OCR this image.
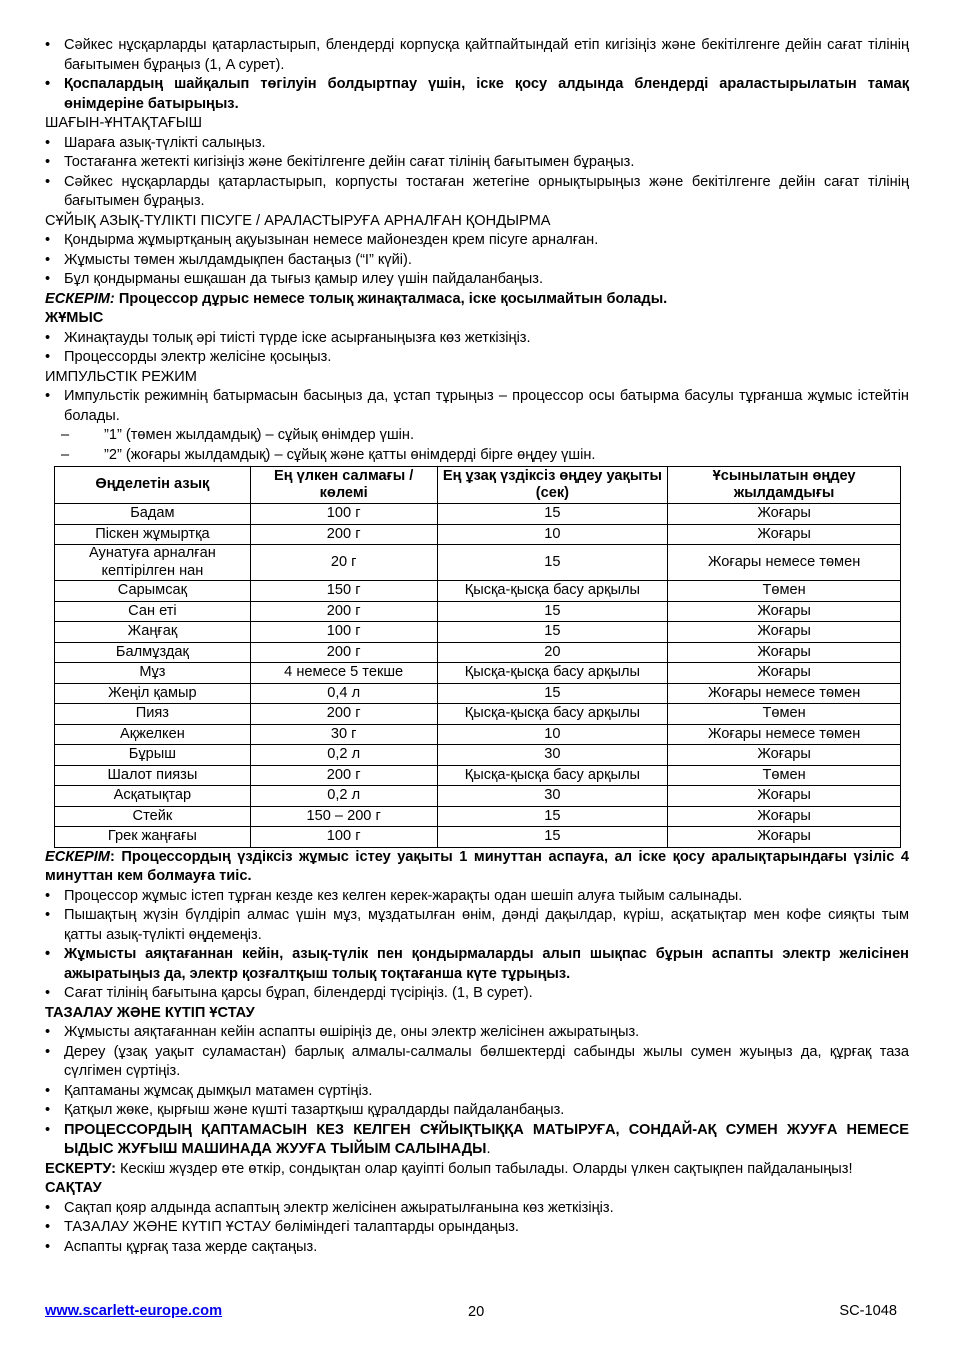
• Сәйкес нұсқарларды қатарластырып, блендерді корпусқа қайтпайтындай етіп кигізіңіз және бекітілгенге дейін сағат тілінің бағытымен бұраңыз (1, A сурет).
• Қоспалардың шайқалып төгілуін болдыртпау үшін, іске қосу алдында блендерді араластырылатын тамақ өнімдеріне батырыңыз.
ШАҒЫН-ҰНТАҚТАҒЫШ
• Шараға азық-түлікті салыңыз.
• Тостағанға жетекті кигізіңіз және бекітілгенге дейін сағат тілінің бағытымен бұраңыз.
• Сәйкес нұсқарларды қатарластырып, корпусты тостаған жетегіне орнықтырыңыз және бекітілгенге дейін сағат тілінің бағытымен бұраңыз.
СҰЙЫҚ АЗЫҚ-ТҮЛІКТІ ПІСУГЕ / АРАЛАСТЫРУҒА АРНАЛҒАН ҚОНДЫРМА
• Қондырма жұмыртқаның ақуызынан немесе майонезден крем пісуге арналған.
• Жұмысты төмен жылдамдықпен бастаңыз (“I” күйі).
• Бұл қондырманы ешқашан да тығыз қамыр илеу үшін пайдаланбаңыз.

ЕСКЕРІМ: Процессор дұрыс немесе толық жинақталмаса, іске қосылмайтын болады.

ЖҰМЫС
• Жинақтауды толық әрі тиісті түрде іске асырғаныңызға көз жеткізіңіз.
• Процессорды электр желісіне қосыңыз.
ИМПУЛЬСТІК РЕЖИМ
• Импульстік режимнің батырмасын басыңыз да, ұстап тұрыңыз – процессор осы батырма басулы тұрғанша жұмыс істейтін болады.
– ”1” (төмен жылдамдық) – сұйық өнімдер үшін.
– ”2” (жоғары жылдамдық) – сұйық және қатты өнімдерді бірге өңдеу үшін.
Өңделетін азық	Ең үлкен салмағы / көлемі	Ең ұзақ үздіксіз өңдеу уақыты (сек)	Ұсынылатын өңдеу жылдамдығы
Бадам	100 г	15	Жоғары
Піскен жұмыртқа	200 г	10	Жоғары
Аунатуға арналған кептірілген нан	20 г	15	Жоғары немесе төмен
Сарымсақ	150 г	Қысқа-қысқа басу арқылы	Төмен
Сан еті	200 г	15	Жоғары
Жаңғақ	100 г	15	Жоғары
Балмұздақ	200 г	20	Жоғары
Мұз	4 немесе 5 текше	Қысқа-қысқа басу арқылы	Жоғары
Жеңіл қамыр	0,4 л	15	Жоғары немесе төмен
Пияз	200 г	Қысқа-қысқа басу арқылы	Төмен
Ақжелкен	30 г	10	Жоғары немесе төмен
Бұрыш	0,2 л	30	Жоғары
Шалот пиязы	200 г	Қысқа-қысқа басу арқылы	Төмен
Асқатықтар	0,2 л	30	Жоғары
Стейк	150 – 200 г	15	Жоғары
Грек жаңғағы	100 г	15	Жоғары

ЕСКЕРІМ: Процессордың үздіксіз жұмыс істеу уақыты 1 минуттан аспауға, ал іске қосу аралықтарындағы үзіліс 4 минуттан кем болмауға тиіс.

• Процессор жұмыс істеп тұрған кезде кез келген керек-жарақты одан шешіп алуға тыйым салынады.
• Пышақтың жүзін бүлдіріп алмас үшін мұз, мұздатылған өнім, дәнді дақылдар, күріш, асқатықтар мен кофе сияқты тым қатты азық-түлікті өңдемеңіз.
• Жұмысты аяқтағаннан кейін, азық-түлік пен қондырмаларды алып шықпас бұрын аспапты электр желісінен ажыратыңыз да, электр қозғалтқыш толық тоқтағанша күте тұрыңыз.
• Сағат тілінің бағытына қарсы бұрап, білендерді түсіріңіз. (1, B сурет).
ТАЗАЛАУ ЖӘНЕ КҮТІП ҰСТАУ
• Жұмысты аяқтағаннан кейін аспапты өшіріңіз де, оны электр желісінен ажыратыңыз.
• Дереу (ұзақ уақыт суламастан) барлық алмалы-салмалы бөлшектерді сабынды жылы сумен жуыңыз да, құрғақ таза сүлгімен сүртіңіз.
• Қаптаманы жұмсақ дымқыл матамен сүртіңіз.
• Қатқыл жөке, қырғыш және күшті тазартқыш құралдарды пайдаланбаңыз.
• ПРОЦЕССОРДЫҢ ҚАПТАМАСЫН КЕЗ КЕЛГЕН СҰЙЫҚТЫҚҚА МАТЫРУҒА, СОНДАЙ-АҚ СУМЕН ЖУУҒА НЕМЕСЕ ЫДЫС ЖУҒЫШ МАШИНАДА ЖУУҒА ТЫЙЫМ САЛЫНАДЫ.

ЕСКЕРТУ: Кескіш жүздер өте өткір, сондықтан олар қауіпті болып табылады. Оларды үлкен сақтықпен пайдаланыңыз!

САҚТАУ
• Сақтап қояр алдында аспаптың электр желісінен ажыратылғанына көз жеткізіңіз.
• ТАЗАЛАУ ЖӘНЕ КҮТІП ҰСТАУ бөліміндегі талаптарды орындаңыз.
• Аспапты құрғақ таза жерде сақтаңыз.
www.scarlett-europe.com	20	SC-1048
